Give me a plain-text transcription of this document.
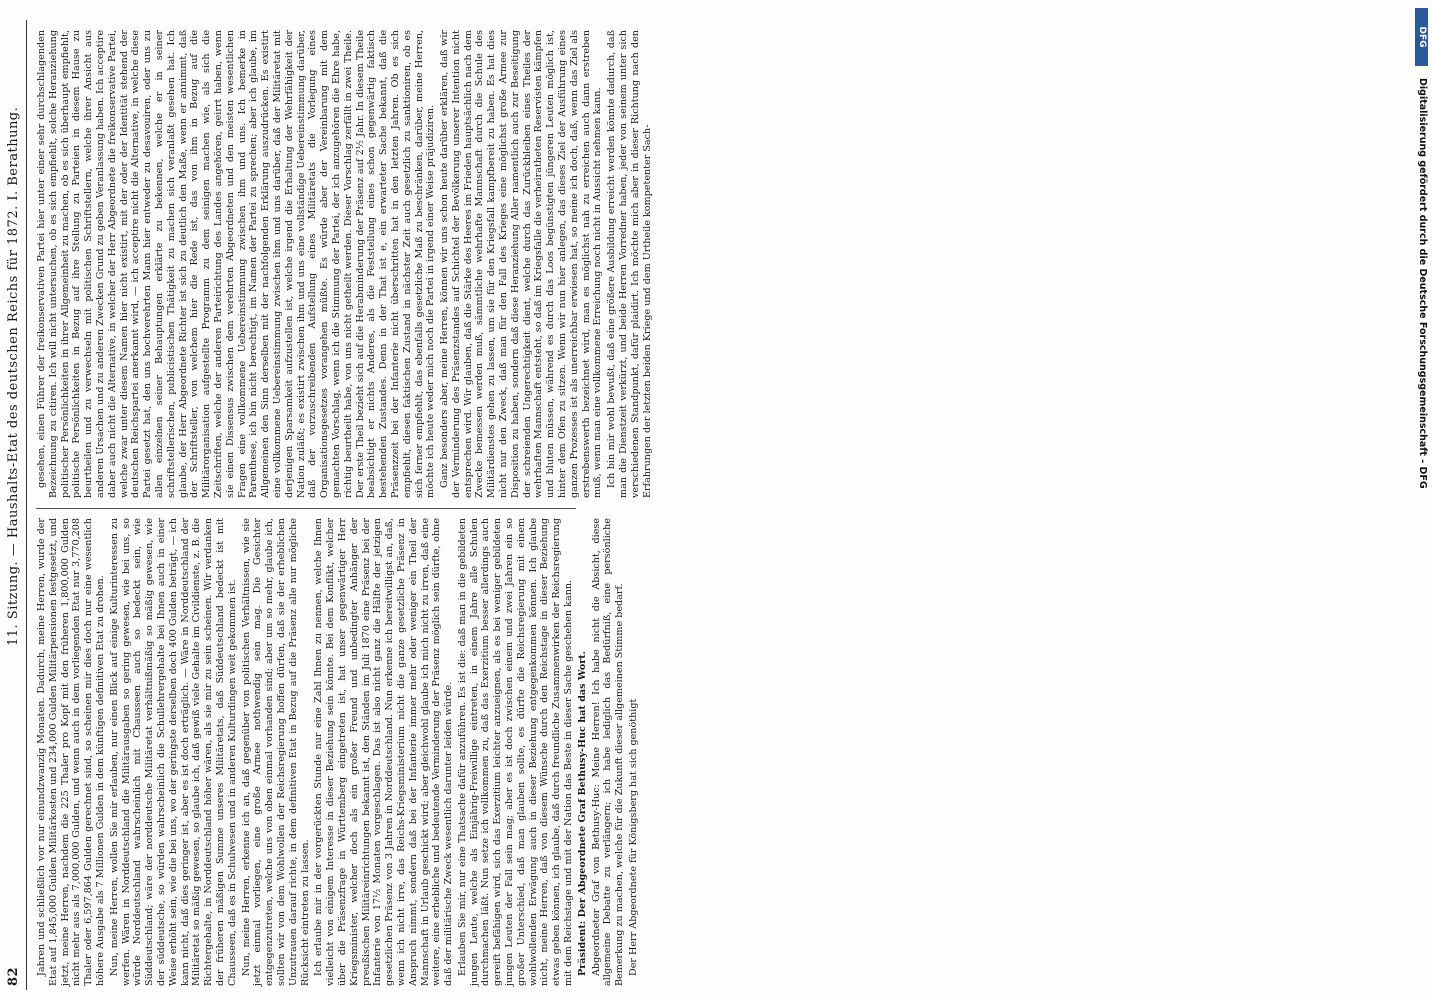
82
11. Sitzung. — Haushalts-Etat des deutschen Reichs für 1872. I. Berathung.

Jahren und schließlich vor nur einundzwanzig Monaten. Dadurch, meine Herren, wurde der Etat auf 1,845,000 Gulden Militärkosten und 234,000 Gulden Militärpensionen festgesetzt, und jetzt, meine Herren, nachdem die 225 Thaler pro Kopf mit den früheren 1,800,000 Gulden nicht mehr aus als 7,000,000 Gulden, und wenn auch in dem vorliegenden Etat nur 3,770,208 Thaler oder 6,597,864 Gulden gerechnet sind, so scheinen mir dies doch nur eine wesentlich höhere Ausgabe als 7 Millionen Gulden in dem künftigen definitiven Etat zu drohen. Nun, meine Herren, wollen Sie mir erlauben, nur einen Blick auf einige Kulturinteressen zu werfen. Wären in Norddeutschland die Militärausgaben so gering gewesen, wie bei uns, so würde Norddeutschland wahrscheinlich mit Chausseen auch so bedeckt sein, wie Süddeutschland; wäre der norddeutsche Militäretat verhältnißmäßig so mäßig gewesen, wie der süddeutsche, so würden wahrscheinlich die Schullehrergehalte bei Ihnen auch in einer Weise erhöht sein, wie die bei uns, wo der geringste derselben doch 400 Gulden beträgt, — ich kann nicht, daß dies geringer ist, aber es ist doch erträglich. — Wäre in Norddeutschland der Militäretat so mäßig gewesen, so glaube ich, daß gewiß viele Gehalte im Civildienste, z. B. die Richtergehalte, in Norddeutschland höher wären, als sie mir zu sein scheinen. Wir verdanken der früheren mäßigen Summe unseres Militäretats, daß Süddeutschland bedeckt ist mit Chausseen, daß es in Schulwesen und in anderen Kulturdingen weit gekommen ist. Nun, meine Herren, erkenne ich an, daß gegenüber von politischen Verhältnissen, wie sie jetzt einmal vorliegen, eine große Armee nothwendig sein mag. Die Gesichter entgegenzutreten, welche uns von oben einmal vorhanden sind; aber um so mehr, glaube ich, sollten wir von dem Wohlwollen der Reichsregierung hoffen dürfen, daß sie der erheblichen Unzutrauen darauf richte, in dem definitiven Etat in Bezug auf die Präsenz alle nur mögliche Rücksicht eintreten zu lassen. Ich erlaube mir in der vorgerückten Stunde nur eine Zahl Ihnen zu nennen, welche Ihnen vielleicht von einigem Interesse in dieser Beziehung sein könnte. Bei dem Konflikt, welcher über die Präsenzfrage in Württemberg eingetreten ist, hat unser gegenwärtiger Herr Kriegsminister, welcher doch als ein großer Freund und unbedingter Anhänger der preußischen Militäreinrichtungen bekannt ist, den Ständen im Juli 1870 eine Präsenz bei der Infanterie von 17½ Monaten vorgeschlagen. Das ist also nicht ganz die Hälfte der jetzigen gesetzlichen Präsenz von 3 Jahren in Norddeutschland. Nun erkenne ich bereitwilligst an, daß, wenn ich nicht irre, das Reichs-Kriegsministerium nicht die ganze gesetzliche Präsenz in Anspruch nimmt, sondern daß bei der Infanterie immer mehr oder weniger ein Theil der Mannschaft in Urlaub geschickt wird; aber gleichwohl glaube ich mich nicht zu irren, daß eine weitere, eine erhebliche und bedeutende Verminderung der Präsenz möglich sein dürfte, ohne daß der militärische Zweck wesentlich darunter leiden würde. Erlauben Sie mir, nur eine Thatsache dafür anzuführen. Es ist die: daß man in die gebildeten jungen Leute, welche als Einjährig-Freiwillige eintreten, in einem Jahre alle Schulen durchmachen läßt. Nun setze ich vollkommen zu, daß das Exerzitium besser allerdings auch gereift befähigen wird, sich das Exerzitium leichter anzueignen, als es bei weniger gebildeten jungen Leuten der Fall sein mag; aber es ist doch zwischen einem und zwei Jahren ein so großer Unterschied, daß man glauben sollte, es dürfte die Reichsregierung mit einem wohlwollenden Erwägung auch in dieser Beziehung entgegenkommen können. Ich glaube nicht, meine Herren, daß von diesem Wünsche durch den Reichstage in dieser Beziehung etwas geben können, ich glaube, daß durch freundliche Zusammenwirken der Reichsregierung mit dem Reichstage und mit der Nation das Beste in dieser Sache geschehen kann. Präsident: Der Abgeordnete Graf Bethusy-Huc hat das Wort. Abgeordneter Graf von Bethusy-Huc: Meine Herren! Ich habe nicht die Absicht, diese allgemeine Debatte zu verlängern; ich habe lediglich das Bedürfniß, eine persönliche Bemerkung zu machen, welche für die Zukunft dieser allgemeinen Stimme bedarf. Der Herr Abgeordnete für Königsberg hat sich genöthigt

gesehen, einen Führer der freikonservativen Partei hier unter einer sehr durchschlagenden Bezeichnung zu citiren. Ich will nicht untersuchen, ob es sich empfiehlt, solche Heranziehung politischer Persönlichkeiten in ihrer Allgemeinheit zu machen, ob es sich überhaupt empfiehlt, politische Persönlichkeiten in Bezug auf ihre Stellung zu Parteien in diesem Hause zu beurtheilen und zu verwechseln mit politischen Schriftstellern, welche ihrer Ansicht aus anderen Ursachen und zu anderen Zwecken Grund zu geben Veranlassung haben. Ich acceptire daher auch nicht die Alternative, in welcher der Herr Abgeordnete die freikonservative Partei, welche zwar unter diesem Namen hier nicht existirt, mit der oder der Identität stehend der deutschen Reichspartei anerkannt wird, — ich acceptire nicht die Alternative, in welche diese Partei gesetzt hat, den uns hochverehrten Mann hier entweder zu desavouiren, oder uns zu allen einzelnen seiner Behauptungen erklärte zu bekennen, welche er in seiner schriftstellerischen, publicistischen Thätigkeit zu machen sich veranlaßt gesehen hat. Ich glaube, der Herr Abgeordnete Richter ist sich zu deutlich den Maße, wenn er annimmt, daß der Schriftsteller, von welchem hier die Rede ist, das von ihm in Bezug auf die Militärorganisation aufgestellte Programm zu dem seinigen machen wie, als sich die Zeitschriften, welche der anderen Parteirichtung des Landes angehören, geirrt haben, wenn sie einen Dissensus zwischen dem verehrten Abgeordneten und den meisten wesentlichen Fragen eine vollkommene Uebereinstimmung zwischen ihm und uns. Ich bemerke in Parenthese, ich bin nicht berechtigt, im Namen der Partei zu sprechen; aber ich glaube, im Allgemeinen den Sinn derselben mit der nachfolgenden Erklärung auszudrücken. Es existirt eine vollkommene Uebereinstimmung zwischen ihm und uns darüber, daß der Militäretat mit derjenigen Sparsamkeit aufzustellen ist, welche irgend die Erhaltung der Wehrfähigkeit der Nation zuläßt; es existirt zwischen ihm und uns eine vollständige Uebereinstimmung darüber, daß der vorzuschreibenden Aufstellung eines Militäretats die Vorlegung eines Organisationsgesetzes vorangehen müßte. Es würde aber der Vereinbarung mit dem gemachten Vorschlag, wenn ich die Stimmung der Partei, der ich anzugehören die Ehre habe, richtig beurtheilt habe, von uns nicht getheilt werden. Dieser Vorschlag zerfällt in zwei Theile. Der erste Theil bezieht sich auf die Herabminderung der Präsenz auf 2½ Jahr. In diesem Theile beabsichtigt er nichts Anderes, als die Feststellung eines schon gegenwärtig faktisch bestehenden Zustandes. Denn in der That ist e, ein erwarteter Sache bekannt, daß die Präsenzzeit bei der Infanterie nicht überschritten hat in den letzten Jahren. Ob es sich empfiehlt, diesen faktischen Zustand in nächster Zeit auch gesetzlich zu sanktioniren, ob es sich ferner empfiehlt, das ebenfalls gesetzliche Maß zu beschränken, darüber, meine Herren, möchte ich heute weder mich noch die Partei in irgend einer Weise präjudiziren. Ganz besonders aber, meine Herren, können wir uns schon heute darüber erklären, daß wir der Verminderung des Präsenzstandes auf Schichtel der Bevölkerung unserer Intention nicht entsprechen wird. Wir glauben, daß die Stärke des Heeres im Frieden hauptsächlich nach dem Zwecke bemessen werden muß, sämmtliche wehrhafte Mannschaft durch die Schule des Militärdienstes gehen zu lassen, um sie für den Kriegsfall kampfbereit zu haben. Es hat dies nicht nur den Zweck, daß man für den Fall des Krieges eine möglichst große Armee zur Disposition zu haben, sondern daß diese Heranziehung Aller namentlich auch zur Beseitigung der schreienden Ungerechtigkeit dient, welche durch das Zurückbleiben eines Theiles der wehrhaften Mannschaft entsteht, so daß im Kriegsfalle die verheiratheten Reservisten kämpfen und bluten müssen, während es durch das Loos begünstigten jüngeren Leuten möglich ist, hinter dem Ofen zu sitzen. Wenn wir nun hier anlegen, das dieses Ziel der Ausführung eines ganzen Prozesses ist als unerreichbar erwiesen hat, so meine ich doch, daß, wenn das Ziel als erstrebenswerth bezeichnet wird, man es möglichst nah zu erreichen auch dann erstreben muß, wenn man eine vollkommene Erreichung noch nicht in Aussicht nehmen kann. Ich bin mir wohl bewußt, daß eine größere Ausbildung erreicht werden könnte dadurch, daß man die Dienstzeit verkürzt, und beide Herren Vorredner haben, jeder von seinem unter sich verschiedenen Standpunkt, dafür plaidirt. Ich möchte mich aber in dieser Richtung nach den Erfahrungen der letzten beiden Kriege und dem Urtheile kompetenter Sach-	Digitalisierung gefördert durch die Deutsche Forschungsgemeinschaft - DFG
DFG
